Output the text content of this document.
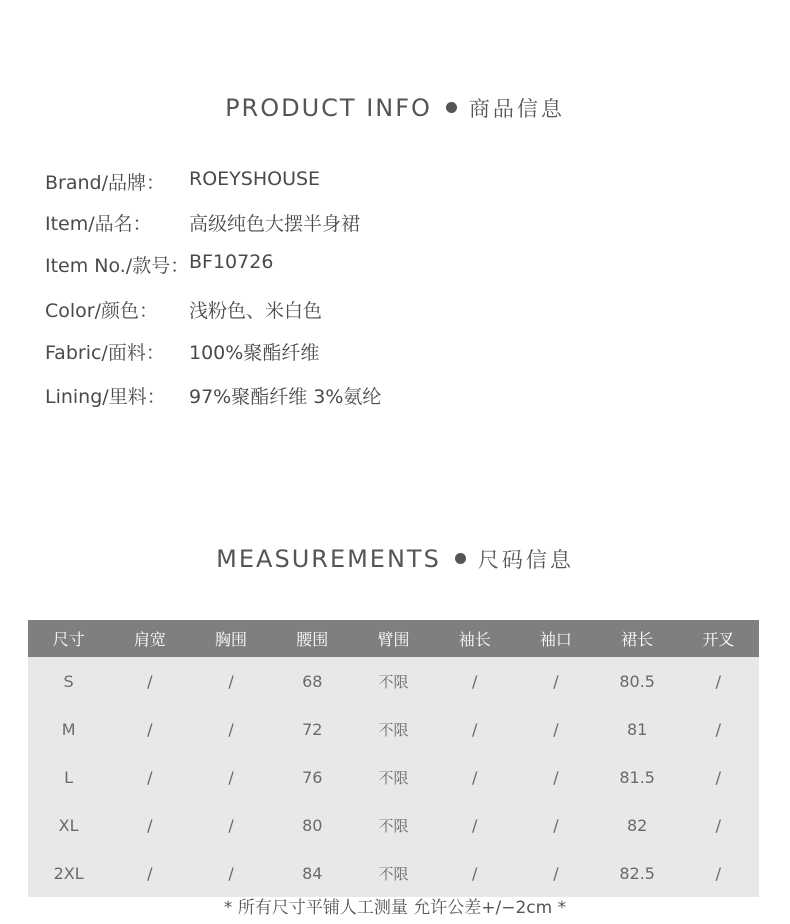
PRODUCT INFO 商品信息
Brand/品牌： ROEYSHOUSE
Item/品名： 高级纯色大摆半身裙
Item No./款号： BF10726
Color/颜色： 浅粉色、米白色
Fabric/面料： 100%聚酯纤维
Lining/里料： 97%聚酯纤维 3%氨纶
MEASUREMENTS 尺码信息
尺寸	肩宽	胸围	腰围	臂围	袖长	袖口	裙长	开叉
S	/	/	68	不限	/	/	80.5	/
M	/	/	72	不限	/	/	81	/
L	/	/	76	不限	/	/	81.5	/
XL	/	/	80	不限	/	/	82	/
2XL	/	/	84	不限	/	/	82.5	/
* 所有尺寸平铺人工测量 允许公差+/−2cm *
